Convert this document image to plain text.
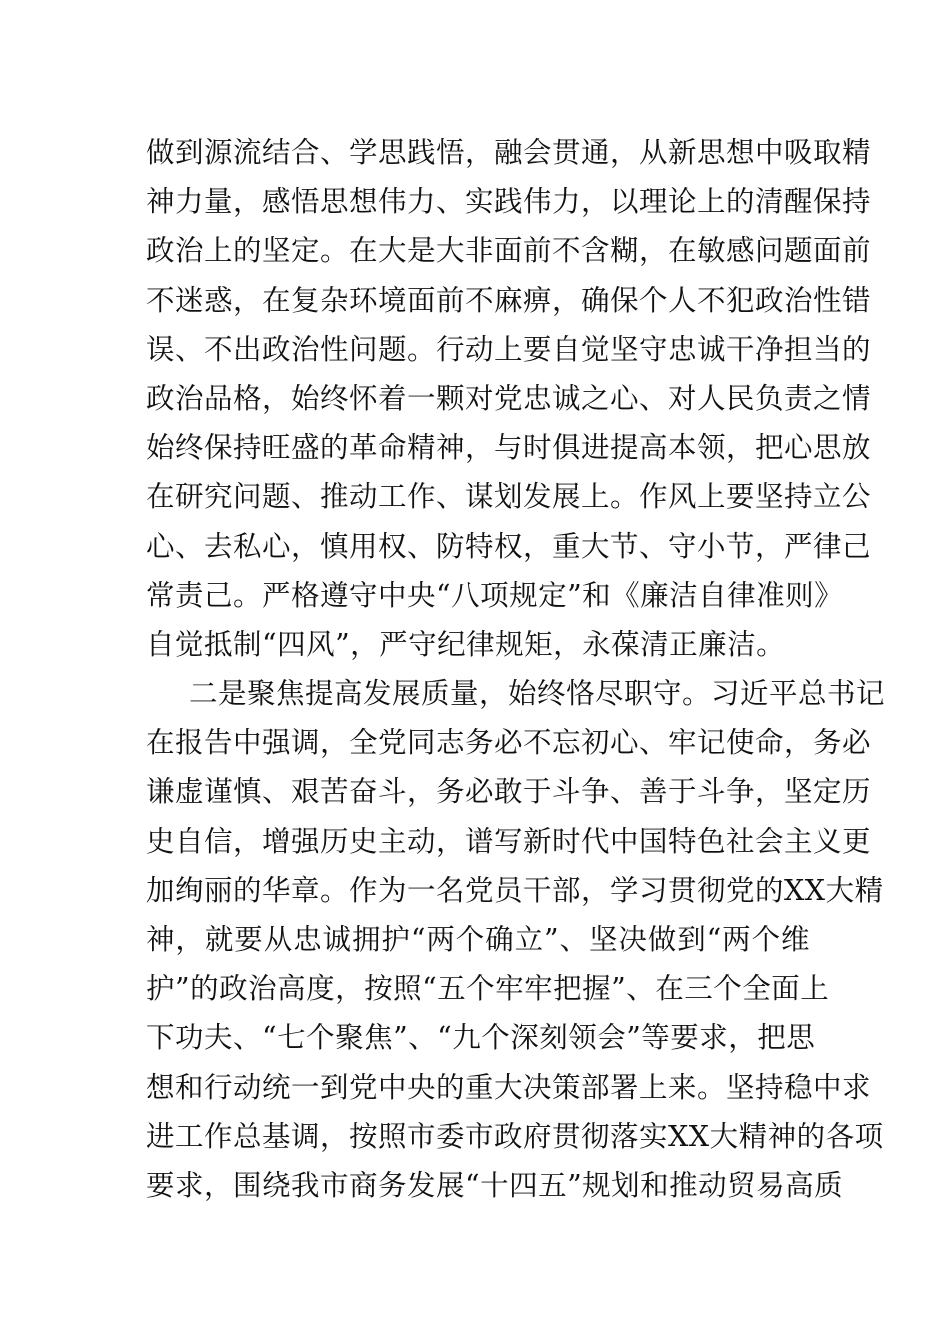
做到源流结合、学思践悟，融会贯通，从新思想中吸取精
神力量，感悟思想伟力、实践伟力，以理论上的清醒保持
政治上的坚定。在大是大非面前不含糊，在敏感问题面前
不迷惑，在复杂环境面前不麻痹，确保个人不犯政治性错
误、不出政治性问题。行动上要自觉坚守忠诚干净担当的
政治品格，始终怀着一颗对党忠诚之心、对人民负责之情
始终保持旺盛的革命精神，与时俱进提高本领，把心思放
在研究问题、推动工作、谋划发展上。作风上要坚持立公
心、去私心，慎用权、防特权，重大节、守小节，严律己
常责己。严格遵守中央“八项规定”和《廉洁自律准则》
自觉抵制“四风”，严守纪律规矩，永葆清正廉洁。
二是聚焦提高发展质量，始终恪尽职守。习近平总书记
在报告中强调，全党同志务必不忘初心、牢记使命，务必
谦虚谨慎、艰苦奋斗，务必敢于斗争、善于斗争，坚定历
史自信，增强历史主动，谱写新时代中国特色社会主义更
加绚丽的华章。作为一名党员干部，学习贯彻党的XX大精
神，就要从忠诚拥护“两个确立”、坚决做到“两个维
护”的政治高度，按照“五个牢牢把握”、在三个全面上
下功夫、“七个聚焦”、“九个深刻领会”等要求，把思
想和行动统一到党中央的重大决策部署上来。坚持稳中求
进工作总基调，按照市委市政府贯彻落实XX大精神的各项
要求，围绕我市商务发展“十四五”规划和推动贸易高质
